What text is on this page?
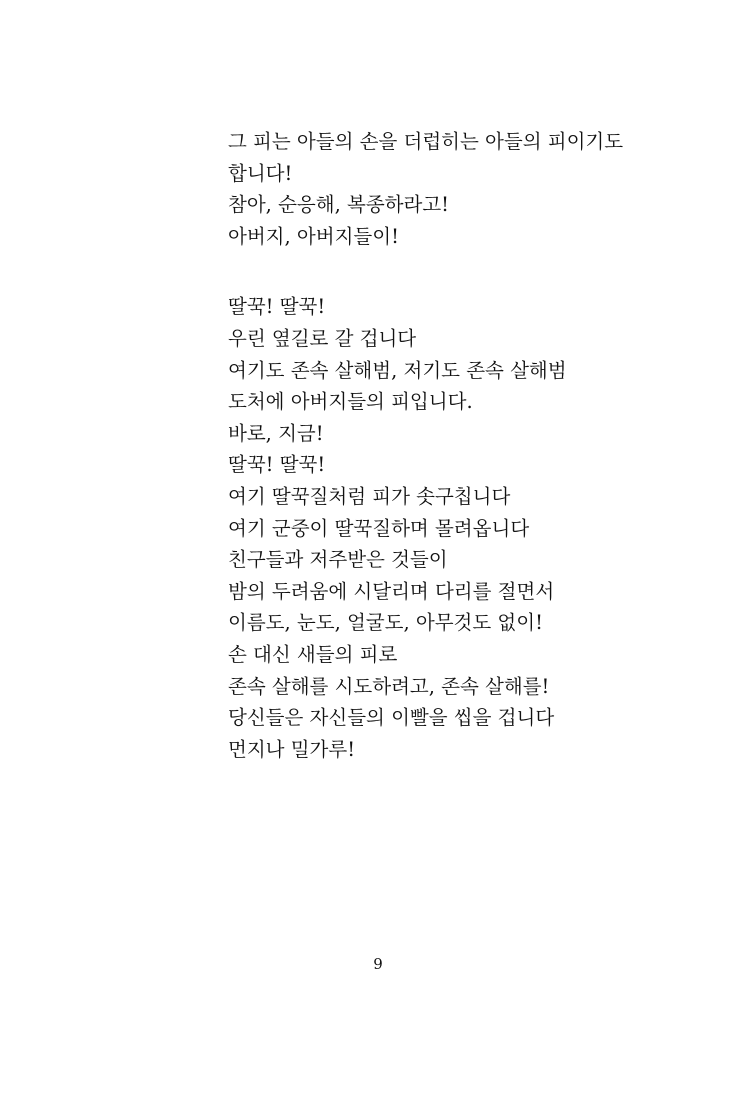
그 피는 아들의 손을 더럽히는 아들의 피이기도
합니다!
참아, 순응해, 복종하라고!
아버지, 아버지들이!
딸꾹! 딸꾹!
우린 옆길로 갈 겁니다
여기도 존속 살해범, 저기도 존속 살해범
도처에 아버지들의 피입니다.
바로, 지금!
딸꾹! 딸꾹!
여기 딸꾹질처럼 피가 솟구칩니다
여기 군중이 딸꾹질하며 몰려옵니다
친구들과 저주받은 것들이
밤의 두려움에 시달리며 다리를 절면서
이름도, 눈도, 얼굴도, 아무것도 없이!
손 대신 새들의 피로
존속 살해를 시도하려고, 존속 살해를!
당신들은 자신들의 이빨을 씹을 겁니다
먼지나 밀가루!
9
